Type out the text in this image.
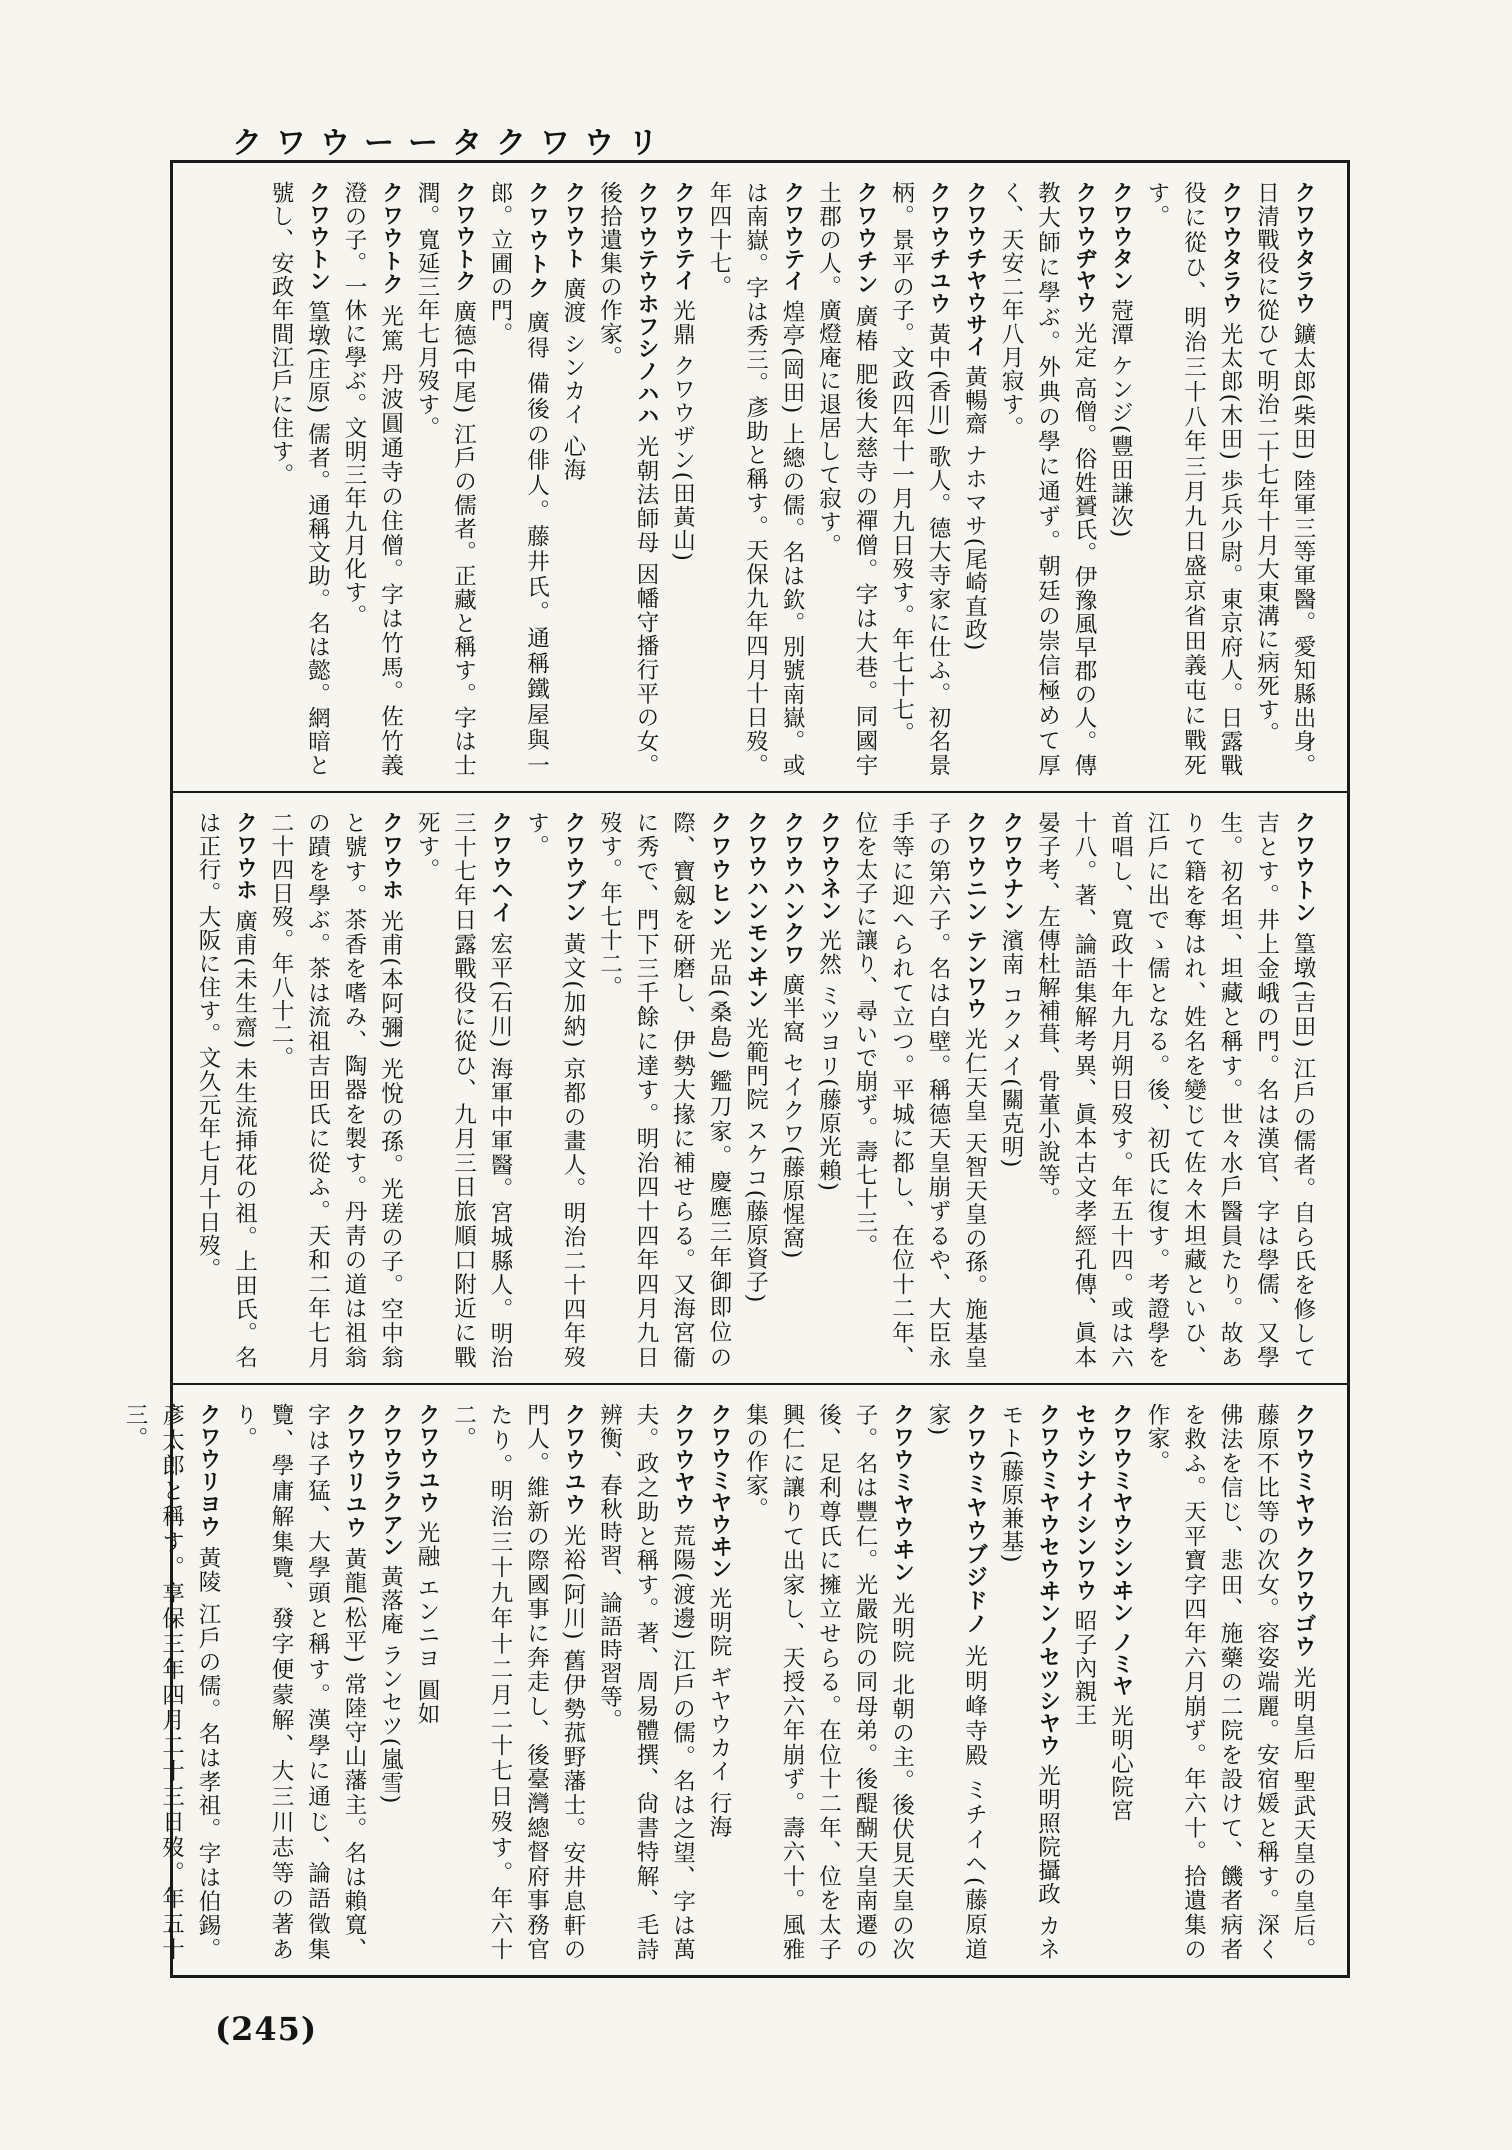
クワウーータクワウリ

クワウタラウ 鑛太郎(柴田) 陸軍三等軍醫。愛知縣出身。日清戰役に從ひて明治二十七年十月大東溝に病死す。

クワウタラウ 光太郎(木田) 歩兵少尉。東京府人。日露戰役に從ひ、明治三十八年三月九日盛京省田義屯に戰死す。

クワウタン 蒄潭 ケンジ(豐田謙次)

クワウヂヤウ 光定 高僧。俗姓贇氏。伊豫風早郡の人。傳教大師に學ぶ。外典の學に通ず。朝廷の崇信極めて厚く、天安二年八月寂す。

クワウチヤウサイ 黃暢齋 ナホマサ(尾崎直政)

クワウチユウ 黃中(香川) 歌人。德大寺家に仕ふ。初名景柄。景平の子。文政四年十一月九日歿す。年七十七。

クワウチン 廣椿 肥後大慈寺の禪僧。字は大巷。同國宇土郡の人。廣燈庵に退居して寂す。

クワウテイ 煌亭(岡田) 上總の儒。名は欽。別號南嶽。或は南嶽。字は秀三。彥助と稱す。天保九年四月十日歿。年四十七。

クワウテイ 光鼎 クワウザン(田黃山)

クワウテウホフシノハハ 光朝法師母 因幡守播行平の女。後拾遺集の作家。

クワウト 廣渡 シンカイ 心海

クワウトク 廣得 備後の俳人。藤井氏。通稱鐵屋與一郎。立圃の門。

クワウトク 廣德(中尾) 江戶の儒者。正藏と稱す。字は士潤。寬延三年七月歿す。

クワウトク 光篤 丹波圓通寺の住僧。字は竹馬。佐竹義澄の子。一休に學ぶ。文明三年九月化す。

クワウトン 篁墩(庄原) 儒者。通稱文助。名は懿。網暗と號し、安政年間江戶に住す。

クワウトン 篁墩(吉田) 江戶の儒者。自ら氏を修して吉とす。井上金峨の門。名は漢官、字は學儒、又學生。初名坦、坦藏と稱す。世々水戶醫員たり。故ありて籍を奪はれ、姓名を變じて佐々木坦藏といひ、江戶に出でゝ儒となる。後、初氏に復す。考證學を首唱し、寬政十年九月朔日歿す。年五十四。或は六十八。著、論語集解考異、眞本古文孝經孔傳、眞本晏子考、左傳杜解補葺、骨董小說等。

クワウナン 濱南 コクメイ(關克明)

クワウニン テンワウ 光仁天皇 天智天皇の孫。施基皇子の第六子。名は白壁。稱德天皇崩ずるや、大臣永手等に迎へられて立つ。平城に都し、在位十二年、位を太子に讓り、尋いで崩ず。壽七十三。

クワウネン 光然 ミツヨリ(藤原光賴)

クワウハンクワ 廣半窩 セイクワ(藤原惺窩)

クワウハンモンヰン 光範門院 スケコ(藤原資子)

クワウヒン 光品(桑島) 鑑刀家。慶應三年御即位の際、寶劔を研磨し、伊勢大掾に補せらる。又海宮衞に秀で、門下三千餘に達す。明治四十四年四月九日歿す。年七十二。

クワウブン 黃文(加納) 京都の畫人。明治二十四年歿す。

クワウヘイ 宏平(石川) 海軍中軍醫。宮城縣人。明治三十七年日露戰役に從ひ、九月三日旅順口附近に戰死す。

クワウホ 光甫(本阿彌) 光悅の孫。光瑳の子。空中翁と號す。茶香を嗜み、陶器を製す。丹靑の道は祖翁の蹟を學ぶ。茶は流祖吉田氏に從ふ。天和二年七月二十四日歿。年八十二。

クワウホ 廣甫(未生齋) 未生流挿花の祖。上田氏。名は正行。大阪に住す。文久元年七月十日歿。

クワウミヤウ クワウゴウ 光明皇后 聖武天皇の皇后。藤原不比等の次女。容姿端麗。安宿媛と稱す。深く佛法を信じ、悲田、施藥の二院を設けて、饑者病者を救ふ。天平寶字四年六月崩ず。年六十。拾遺集の作家。

クワウミヤウシンヰン ノミヤ 光明心院宮

セウシナイシンワウ 昭子內親王

クワウミヤウセウヰンノセツシヤウ 光明照院攝政 カネモト(藤原兼基)

クワウミヤウブジドノ 光明峰寺殿 ミチイヘ(藤原道家)

クワウミヤウヰン 光明院 北朝の主。後伏見天皇の次子。名は豐仁。光嚴院の同母弟。後醍醐天皇南遷の後、足利尊氏に擁立せらる。在位十二年、位を太子興仁に讓りて出家し、天授六年崩ず。壽六十。風雅集の作家。

クワウミヤウヰン 光明院 ギヤウカイ 行海

クワウヤウ 荒陽(渡邊) 江戶の儒。名は之望、字は萬夫。政之助と稱す。著、周易體撰、尙書特解、毛詩辨衡、春秋時習、論語時習等。

クワウユウ 光裕(阿川) 舊伊勢菰野藩士。安井息軒の門人。維新の際國事に奔走し、後臺灣總督府事務官たり。明治三十九年十二月二十七日歿す。年六十二。

クワウユウ 光融 エンニヨ 圓如

クワウラクアン 黃落庵 ランセツ(嵐雪)

クワウリユウ 黃龍(松平) 常陸守山藩主。名は賴寬、字は子猛、大學頭と稱す。漢學に通じ、論語徵集覽、學庸解集覽、發字便蒙解、大三川志等の著あり。

クワウリヨウ 黃陵 江戶の儒。名は孝祖。字は伯錫。彥太郎と稱す。享保三年四月二十三日歿。年五十三。

(245)
